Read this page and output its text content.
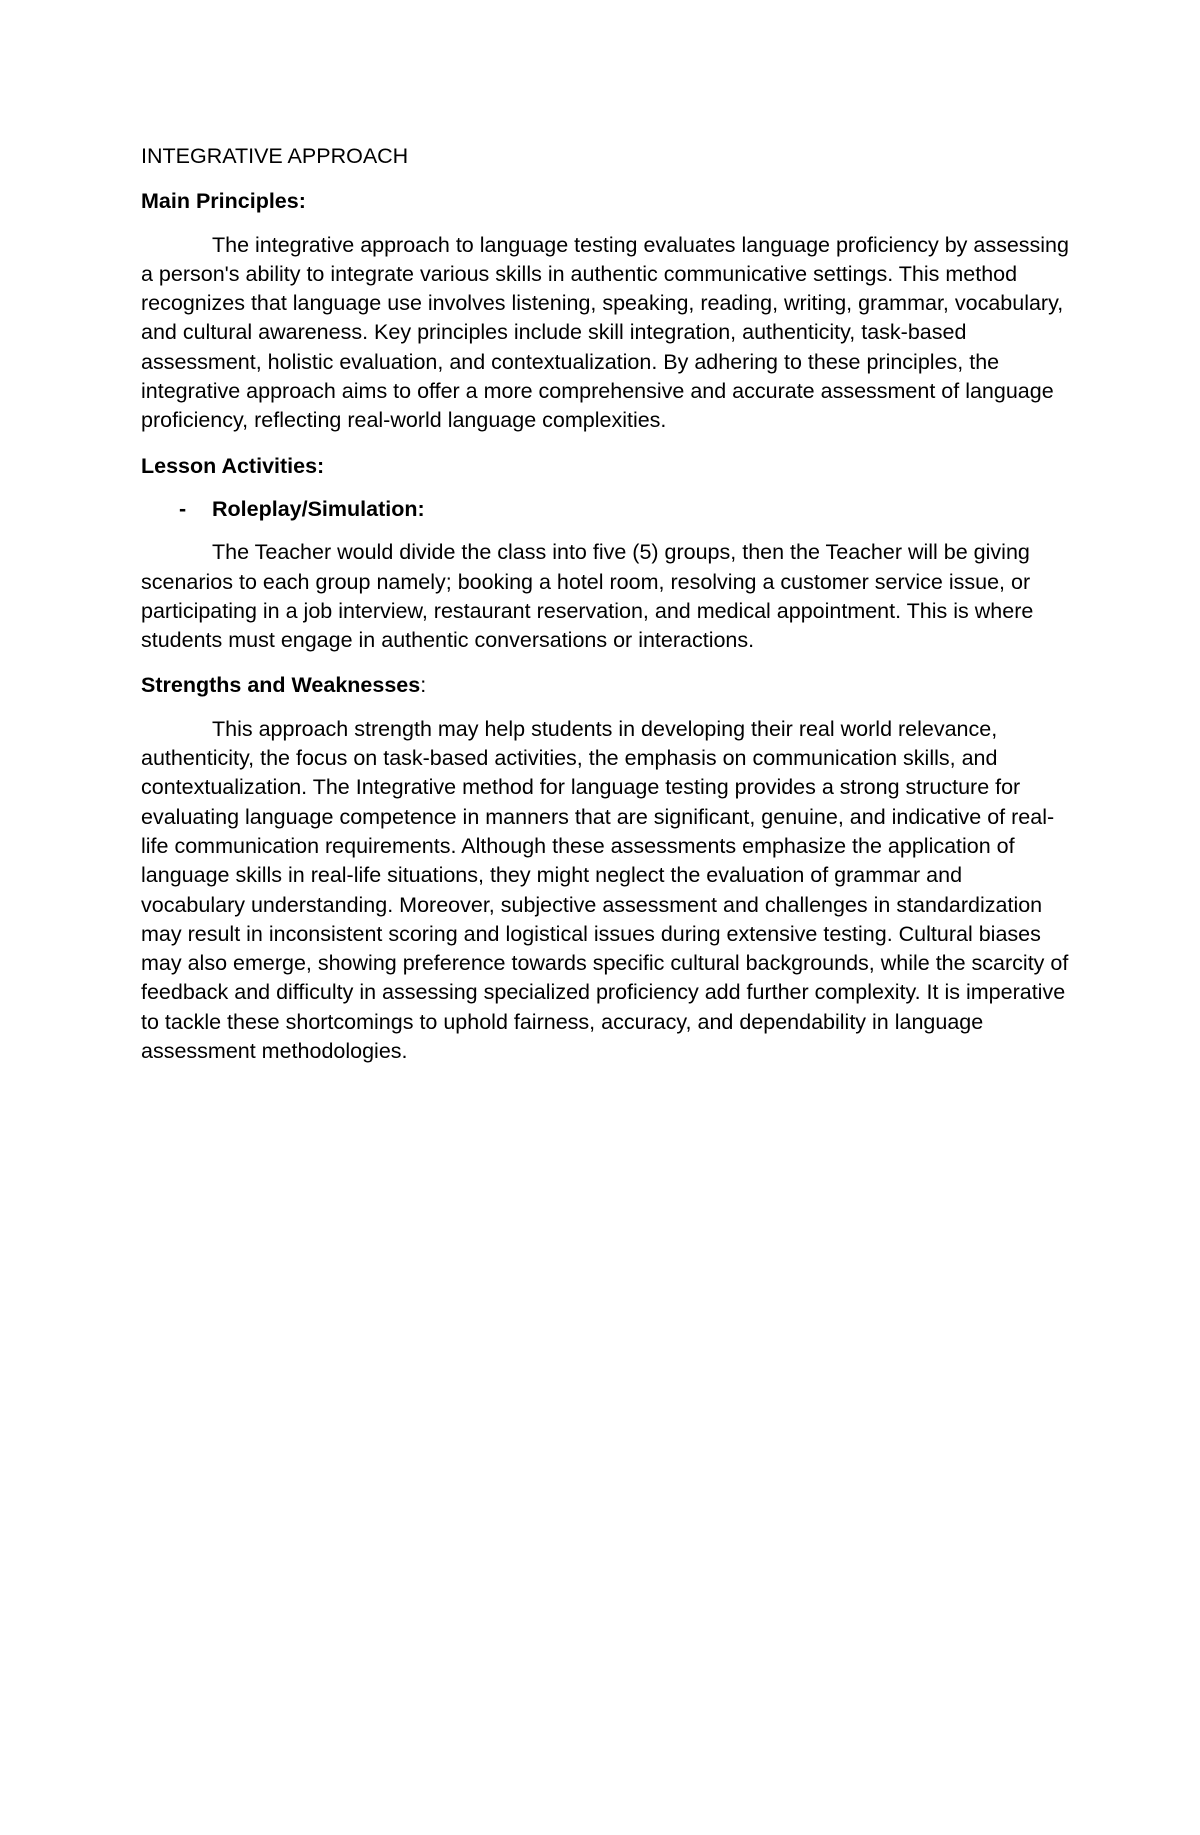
INTEGRATIVE APPROACH
Main Principles:

The integrative approach to language testing evaluates language proficiency by assessing a person's ability to integrate various skills in authentic communicative settings. This method recognizes that language use involves listening, speaking, reading, writing, grammar, vocabulary, and cultural awareness. Key principles include skill integration, authenticity, task-based assessment, holistic evaluation, and contextualization. By adhering to these principles, the integrative approach aims to offer a more comprehensive and accurate assessment of language proficiency, reflecting real-world language complexities.

Lesson Activities:
-	Roleplay/Simulation:

The Teacher would divide the class into five (5) groups, then the Teacher will be giving scenarios to each group namely; booking a hotel room, resolving a customer service issue, or participating in a job interview, restaurant reservation, and medical appointment. This is where students must engage in authentic conversations or interactions.

Strengths and Weaknesses:

This approach strength may help students in developing their real world relevance, authenticity, the focus on task-based activities, the emphasis on communication skills, and contextualization. The Integrative method for language testing provides a strong structure for evaluating language competence in manners that are significant, genuine, and indicative of real-life communication requirements. Although these assessments emphasize the application of language skills in real-life situations, they might neglect the evaluation of grammar and vocabulary understanding. Moreover, subjective assessment and challenges in standardization may result in inconsistent scoring and logistical issues during extensive testing. Cultural biases may also emerge, showing preference towards specific cultural backgrounds, while the scarcity of feedback and difficulty in assessing specialized proficiency add further complexity. It is imperative to tackle these shortcomings to uphold fairness, accuracy, and dependability in language assessment methodologies.
